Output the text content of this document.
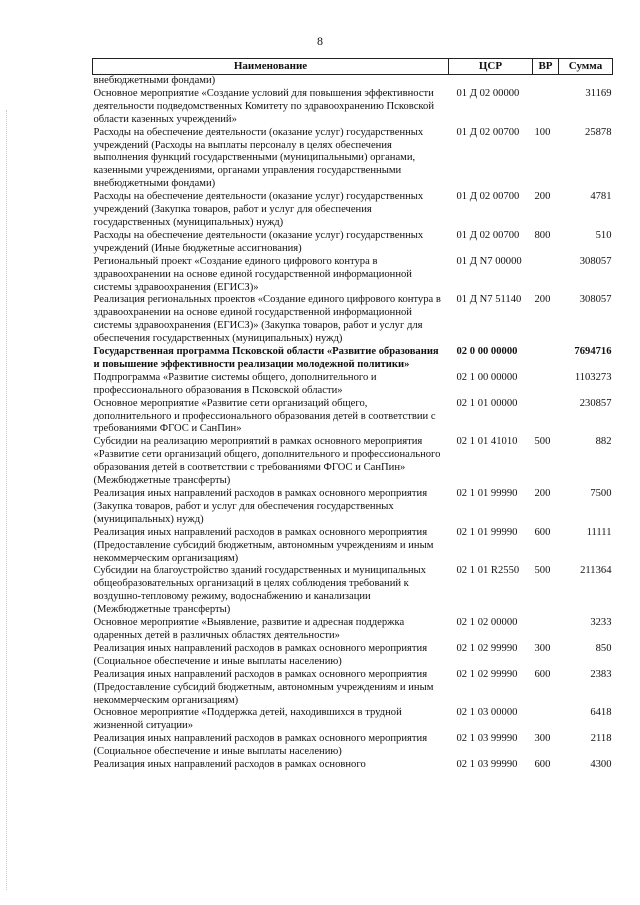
8
Наименование	ЦСР	ВР	Сумма
внебюджетными фондами)			
Основное мероприятие «Создание условий для повышения эффективности деятельности подведомственных Комитету по здравоохранению Псковской области казенных учреждений»	01 Д 02 00000		31169
Расходы на обеспечение деятельности (оказание услуг) государственных учреждений (Расходы на выплаты персоналу в целях обеспечения выполнения функций государственными (муниципальными) органами, казенными учреждениями, органами управления государственными внебюджетными фондами)	01 Д 02 00700	100	25878
Расходы на обеспечение деятельности (оказание услуг) государственных учреждений (Закупка товаров, работ и услуг для обеспечения государственных (муниципальных) нужд)	01 Д 02 00700	200	4781
Расходы на обеспечение деятельности (оказание услуг) государственных учреждений (Иные бюджетные ассигнования)	01 Д 02 00700	800	510
Региональный проект «Создание единого цифрового контура в здравоохранении на основе единой государственной информационной системы здравоохранения (ЕГИСЗ)»	01 Д N7 00000		308057
Реализация региональных проектов «Создание единого цифрового контура в здравоохранении на основе единой государственной информационной системы здравоохранения (ЕГИСЗ)» (Закупка товаров, работ и услуг для обеспечения государственных (муниципальных) нужд)	01 Д N7 51140	200	308057
Государственная программа Псковской области «Развитие образования и повышение эффективности реализации молодежной политики»	02 0 00 00000		7694716
Подпрограмма «Развитие системы общего, дополнительного и профессионального образования в Псковской области»	02 1 00 00000		1103273
Основное мероприятие «Развитие сети организаций общего, дополнительного и профессионального образования детей в соответствии с требованиями ФГОС и СанПин»	02 1 01 00000		230857
Субсидии на реализацию мероприятий в рамках основного мероприятия «Развитие сети организаций общего, дополнительного и профессионального образования детей в соответствии с требованиями ФГОС и СанПин» (Межбюджетные трансферты)	02 1 01 41010	500	882
Реализация иных направлений расходов в рамках основного мероприятия (Закупка товаров, работ и услуг для обеспечения государственных (муниципальных) нужд)	02 1 01 99990	200	7500
Реализация иных направлений расходов в рамках основного мероприятия (Предоставление субсидий бюджетным, автономным учреждениям и иным некоммерческим организациям)	02 1 01 99990	600	11111
Субсидии на благоустройство зданий государственных и муниципальных общеобразовательных организаций в целях соблюдения требований к воздушно-тепловому режиму, водоснабжению и канализации (Межбюджетные трансферты)	02 1 01 R2550	500	211364
Основное мероприятие «Выявление, развитие и адресная поддержка одаренных детей в различных областях деятельности»	02 1 02 00000		3233
Реализация иных направлений расходов в рамках основного мероприятия (Социальное обеспечение и иные выплаты населению)	02 1 02 99990	300	850
Реализация иных направлений расходов в рамках основного мероприятия (Предоставление субсидий бюджетным, автономным учреждениям и иным некоммерческим организациям)	02 1 02 99990	600	2383
Основное мероприятие «Поддержка детей, находившихся в трудной жизненной ситуации»	02 1 03 00000		6418
Реализация иных направлений расходов в рамках основного мероприятия (Социальное обеспечение и иные выплаты населению)	02 1 03 99990	300	2118
Реализация иных направлений расходов в рамках основного	02 1 03 99990	600	4300
